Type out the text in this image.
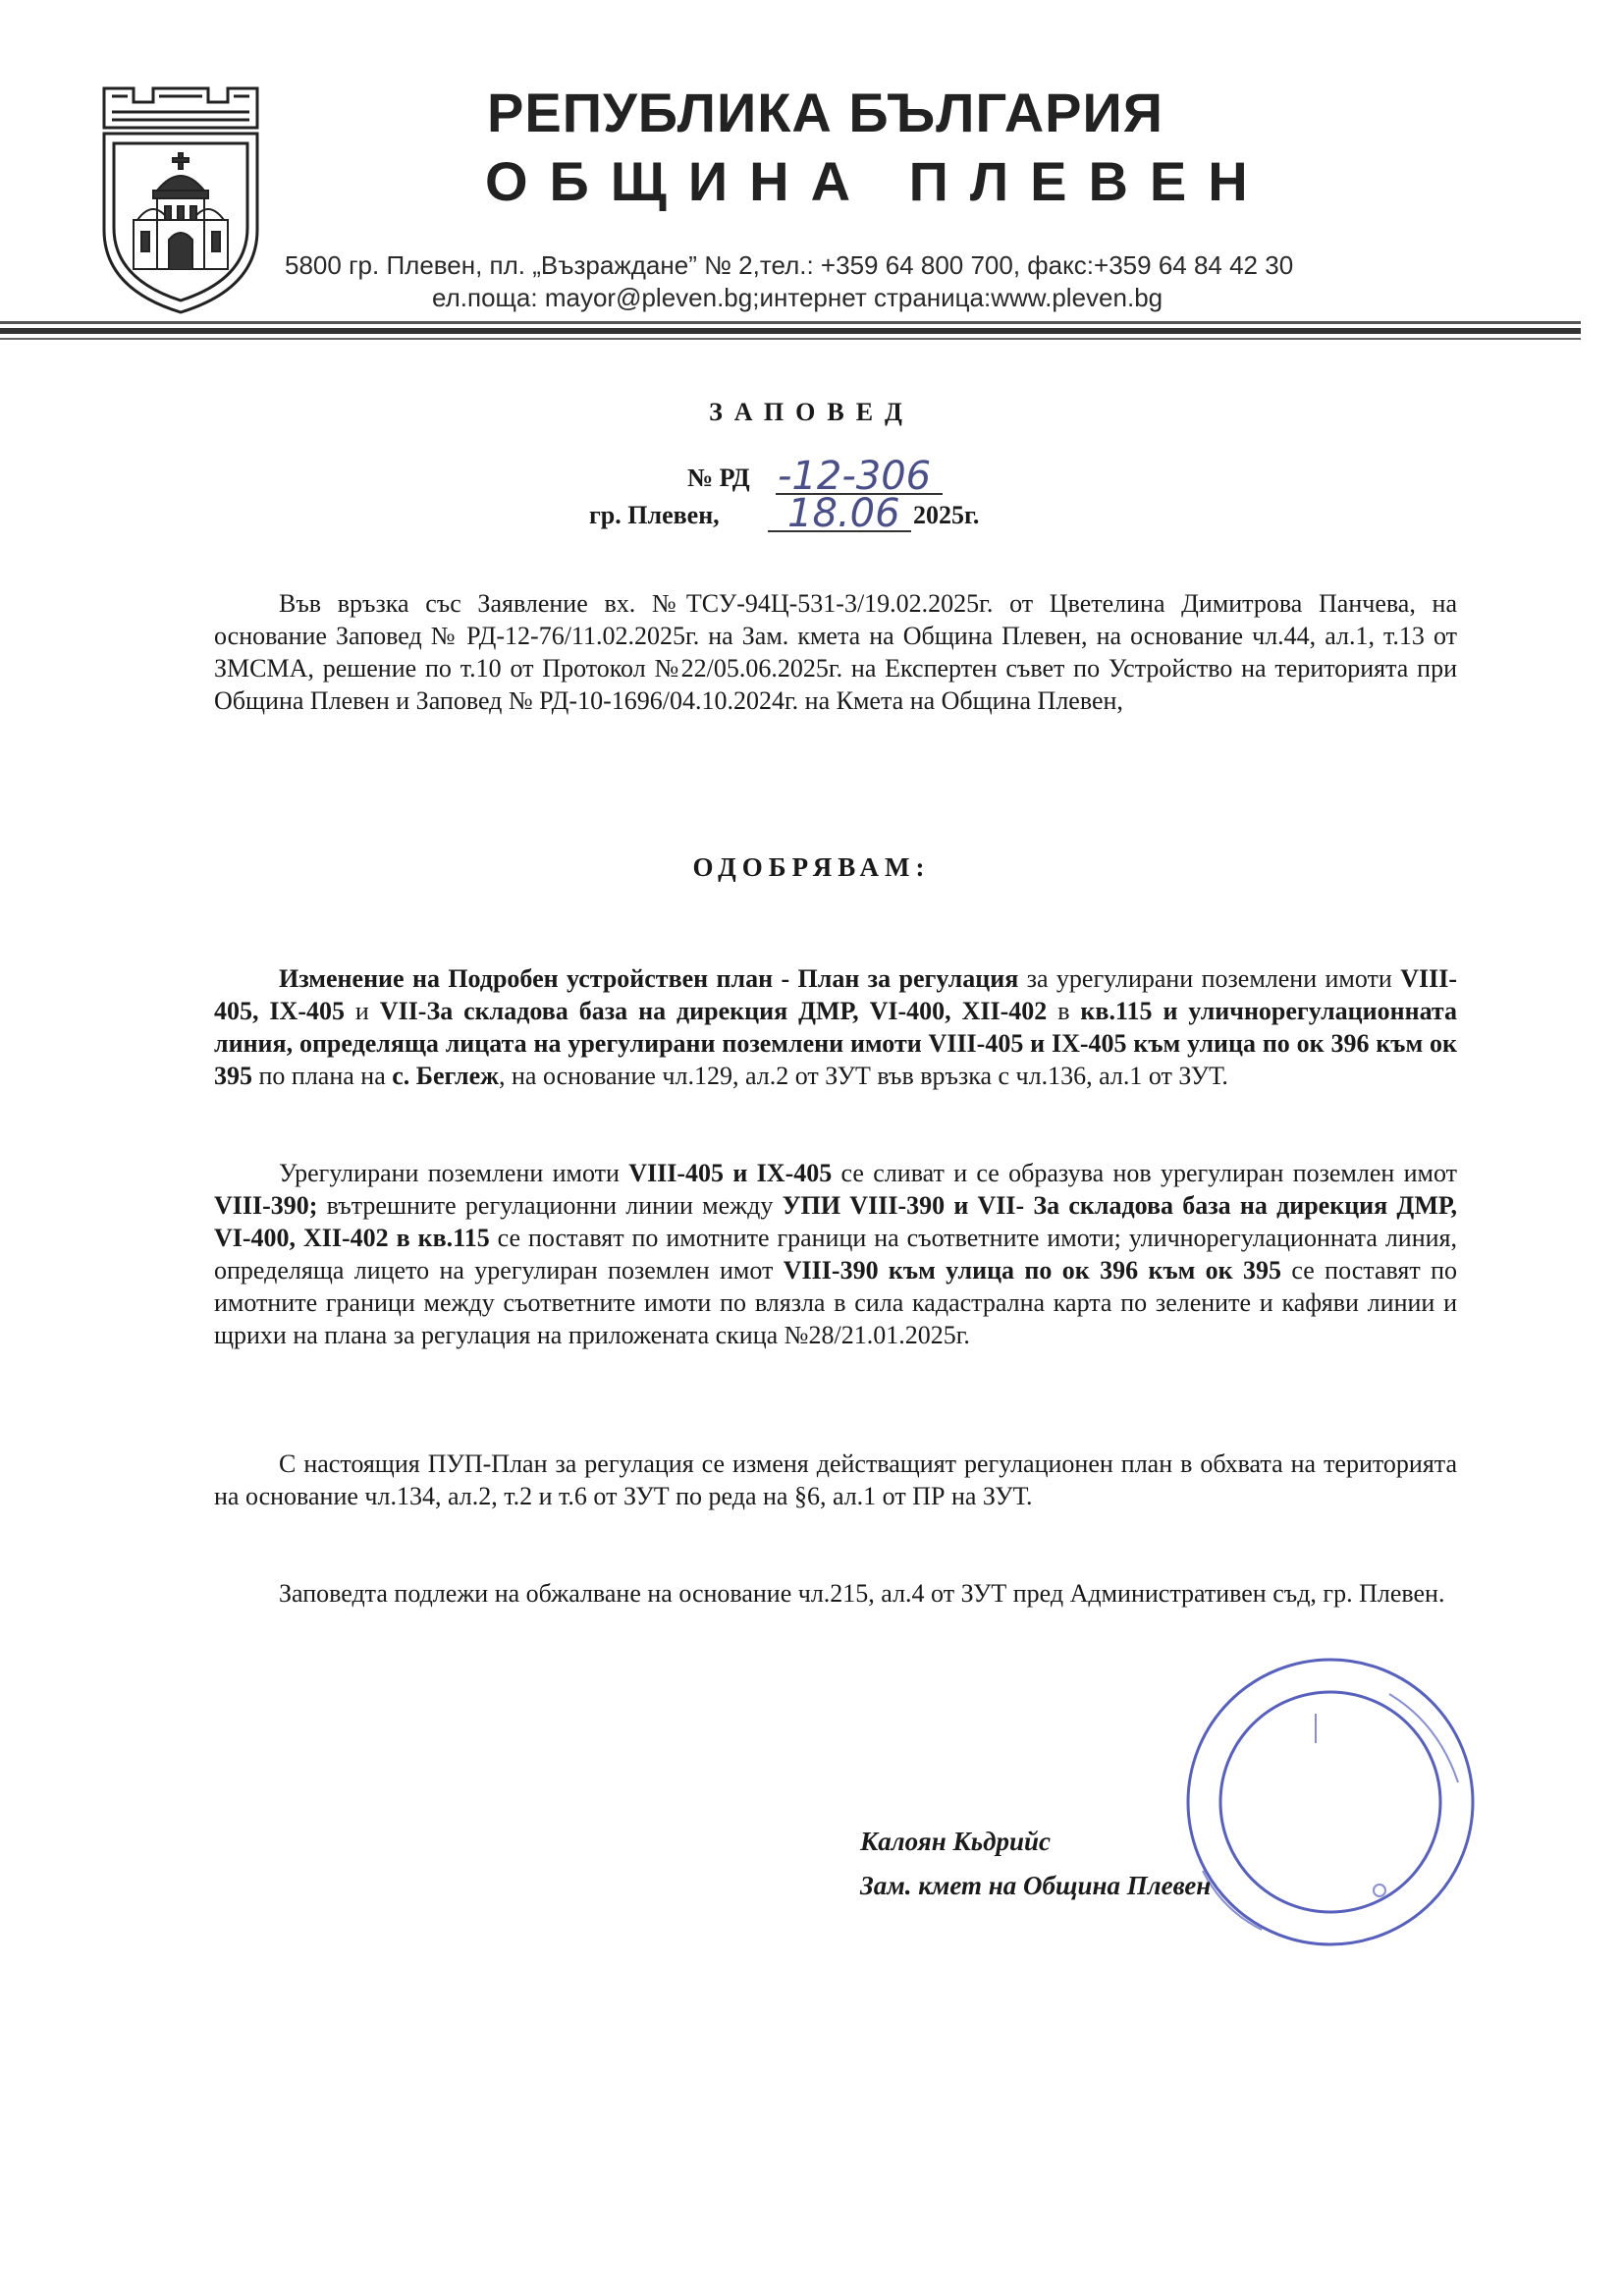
РЕПУБЛИКА БЪЛГАРИЯ
ОБЩИНА ПЛЕВЕН
5800 гр. Плевен, пл. „Възраждане” № 2,тел.: +359 64 800 700, факс:+359 64 84 42 30
ел.поща: mayor@pleven.bg;интернет страница:www.pleven.bg
ЗАПОВЕД
№ РД -12-306
гр. Плевен, 18.06 2025г.

Във връзка със Заявление вх. №ТСУ-94Ц-531-3/19.02.2025г. от Цветелина Димитрова Панчева, на основание Заповед № РД-12-76/11.02.2025г. на Зам. кмета на Община Плевен, на основание чл.44, ал.1, т.13 от ЗМСМА, решение по т.10 от Протокол №22/05.06.2025г. на Експертен съвет по Устройство на територията при Община Плевен и Заповед № РД-10-1696/04.10.2024г. на Кмета на Община Плевен,

ОДОБРЯВАМ:

Изменение на Подробен устройствен план - План за регулация за урегулирани поземлени имоти VIII-405, IX-405 и VII-За складова база на дирекция ДМР, VI-400, XII-402 в кв.115 и уличнорегулационната линия, определяща лицата на урегулирани поземлени имоти VIII-405 и IX-405 към улица по ок 396 към ок 395 по плана на с. Беглеж, на основание чл.129, ал.2 от ЗУТ във връзка с чл.136, ал.1 от ЗУТ.

Урегулирани поземлени имоти VIII-405 и IX-405 се сливат и се образува нов урегулиран поземлен имот VIII-390; вътрешните регулационни линии между УПИ VIII-390 и VII- За складова база на дирекция ДМР, VI-400, XII-402 в кв.115 се поставят по имотните граници на съответните имоти; уличнорегулационната линия, определяща лицето на урегулиран поземлен имот VIII-390 към улица по ок 396 към ок 395 се поставят по имотните граници между съответните имоти по влязла в сила кадастрална карта по зелените и кафяви линии и щрихи на плана за регулация на приложената скица №28/21.01.2025г.

С настоящия ПУП-План за регулация се изменя действащият регулационен план в обхвата на територията на основание чл.134, ал.2, т.2 и т.6 от ЗУТ по реда на §6, ал.1 от ПР на ЗУТ.

Заповедта подлежи на обжалване на основание чл.215, ал.4 от ЗУТ пред Административен съд, гр. Плевен.

Калоян Кьдрийс
Зам. кмет на Община Плевен
